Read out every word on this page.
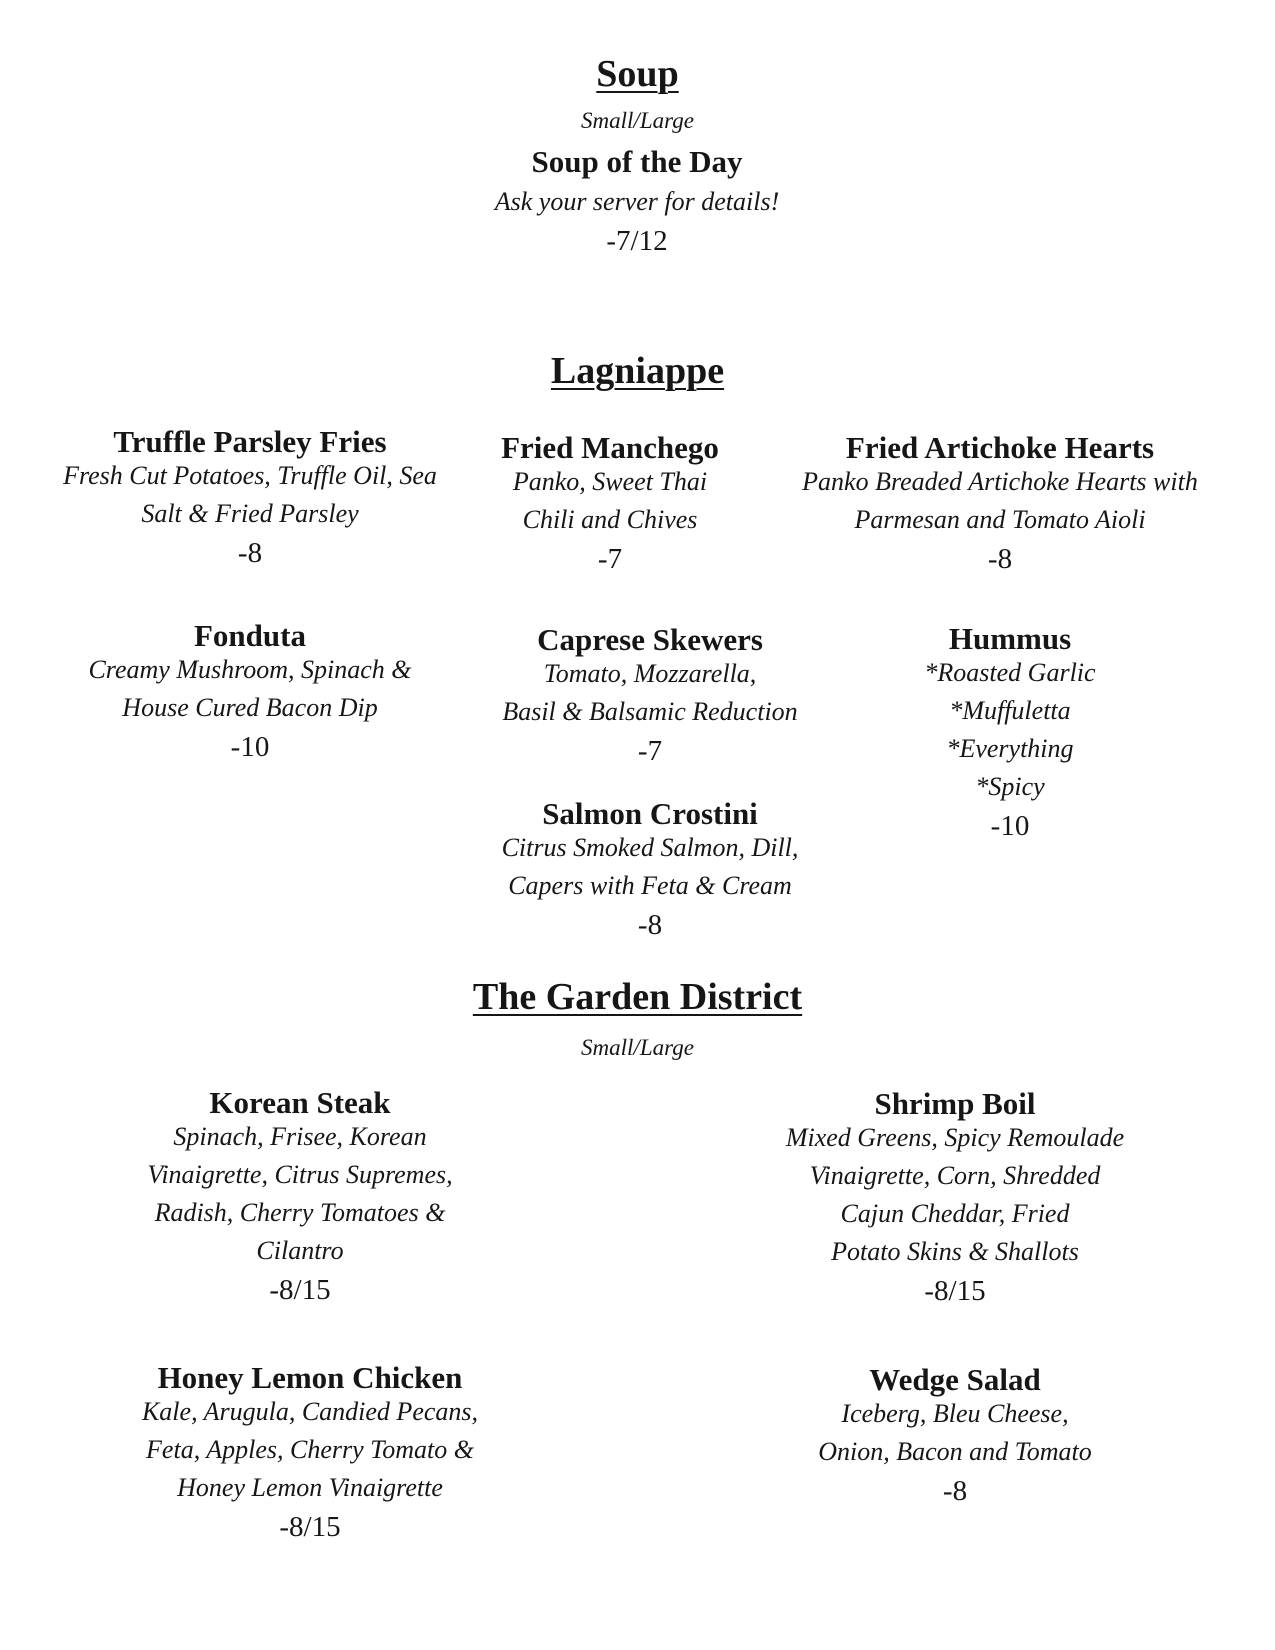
Soup
Small/Large
Soup of the Day
Ask your server for details!
-7/12
Lagniappe
Truffle Parsley Fries
Fresh Cut Potatoes, Truffle Oil, Sea
Salt & Fried Parsley
-8
Fried Manchego
Panko, Sweet Thai
Chili and Chives
-7
Fried Artichoke Hearts
Panko Breaded Artichoke Hearts with
Parmesan and Tomato Aioli
-8
Fonduta
Creamy Mushroom, Spinach &
House Cured Bacon Dip
-10
Caprese Skewers
Tomato, Mozzarella,
Basil & Balsamic Reduction
-7
Hummus
*Roasted Garlic
*Muffuletta
*Everything
*Spicy
-10
Salmon Crostini
Citrus Smoked Salmon, Dill,
Capers with Feta & Cream
-8
The Garden District
Small/Large
Korean Steak
Spinach, Frisee, Korean
Vinaigrette, Citrus Supremes,
Radish, Cherry Tomatoes &
Cilantro
-8/15
Shrimp Boil
Mixed Greens, Spicy Remoulade
Vinaigrette, Corn, Shredded
Cajun Cheddar, Fried
Potato Skins & Shallots
-8/15
Honey Lemon Chicken
Kale, Arugula, Candied Pecans,
Feta, Apples, Cherry Tomato &
Honey Lemon Vinaigrette
-8/15
Wedge Salad
Iceberg, Bleu Cheese,
Onion, Bacon and Tomato
-8
